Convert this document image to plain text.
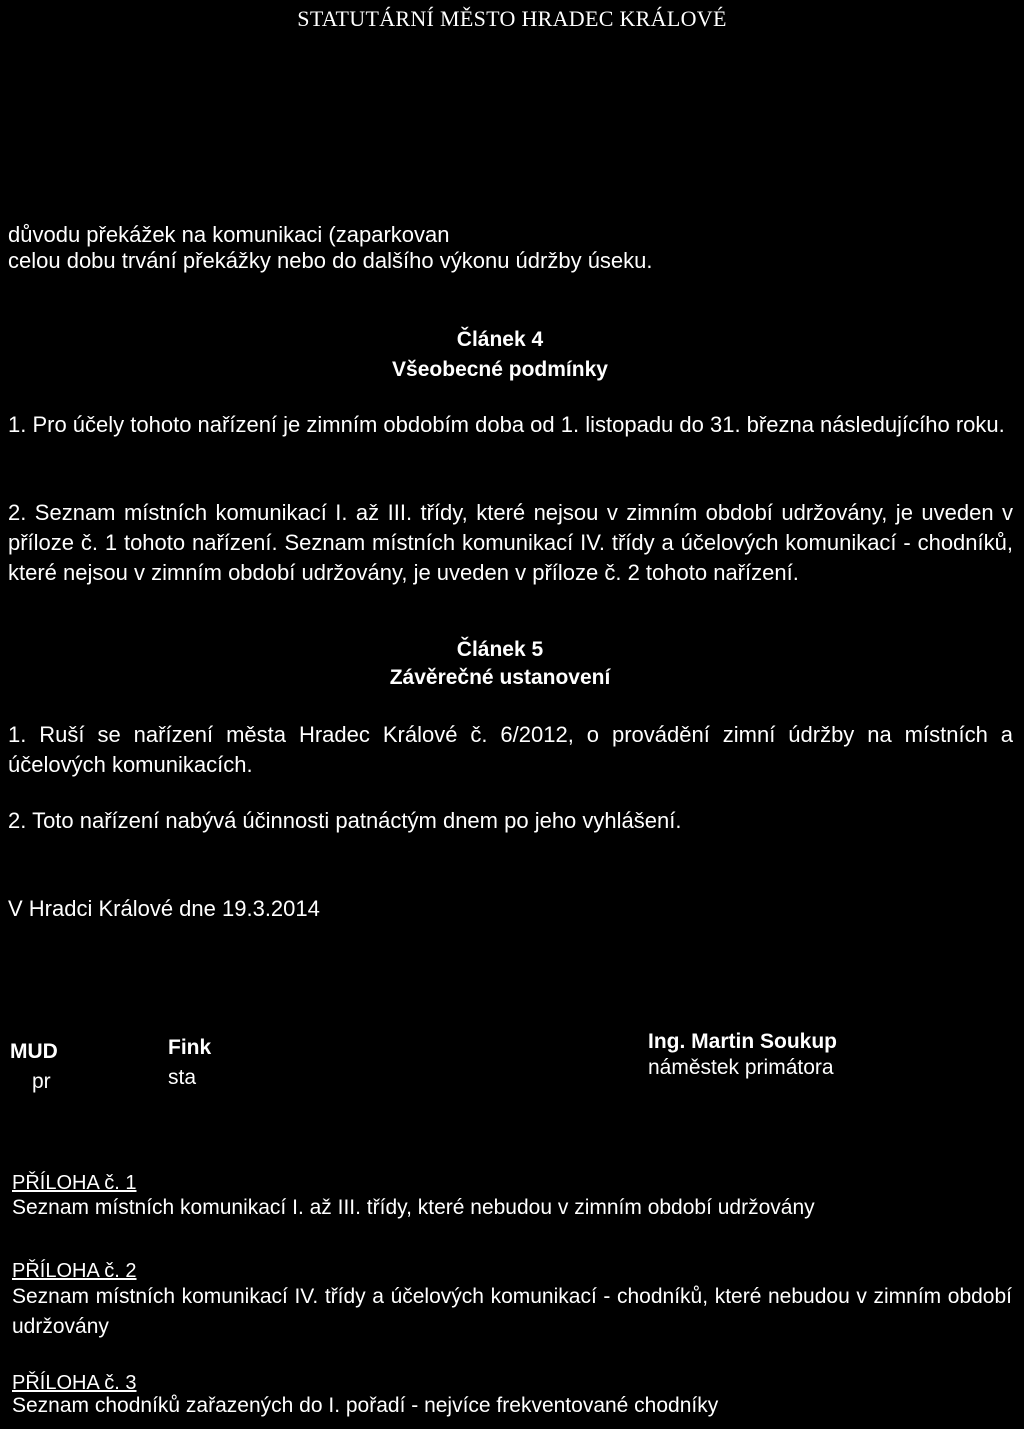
STATUTÁRNÍ MĚSTO HRADEC KRÁLOVÉ
důvodu překážek na komunikaci (zaparkovan
celou dobu trvání překážky nebo do dalšího výkonu údržby úseku.
Článek 4
Všeobecné podmínky
1. Pro účely tohoto nařízení je zimním obdobím doba od 1. listopadu do 31. března následujícího roku.
2. Seznam místních komunikací I. až III. třídy, které nejsou v zimním období udržovány, je uveden v příloze č. 1 tohoto nařízení. Seznam místních komunikací IV. třídy a účelových komunikací - chodníků, které nejsou v zimním období udržovány, je uveden v příloze č. 2 tohoto nařízení.
Článek 5
Závěrečné ustanovení
1. Ruší se nařízení města Hradec Králové č. 6/2012, o provádění zimní údržby na místních a účelových komunikacích.
2. Toto nařízení nabývá účinnosti patnáctým dnem po jeho vyhlášení.
V Hradci Králové dne 19.3.2014
MUD	Fink
pr	sta
Ing. Martin Soukup
náměstek primátora
PŘÍLOHA č. 1
Seznam místních komunikací I. až III. třídy, které nebudou v zimním období udržovány
PŘÍLOHA č. 2
Seznam místních komunikací IV. třídy a účelových komunikací - chodníků, které nebudou v zimním období udržovány
PŘÍLOHA č. 3
Seznam chodníků zařazených do I. pořadí - nejvíce frekventované chodníky
